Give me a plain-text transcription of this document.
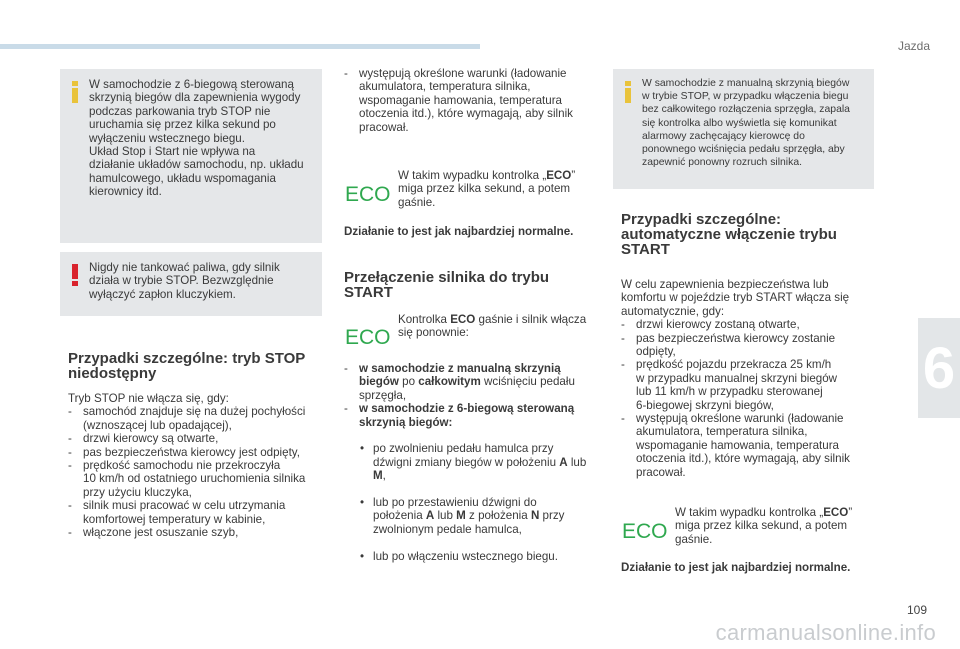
Jazda
6
109
carmanualsonline.info

W samochodzie z 6-biegową sterowaną
skrzynią biegów dla zapewnienia wygody
podczas parkowania tryb STOP nie
uruchamia się przez kilka sekund po
wyłączeniu wstecznego biegu.
Układ Stop i Start nie wpływa na
działanie układów samochodu, np. układu
hamulcowego, układu wspomagania
kierownicy itd.

Nigdy nie tankować paliwa, gdy silnik
działa w trybie STOP. Bezwzględnie
wyłączyć zapłon kluczykiem.

Przypadki szczególne: tryb STOP
niedostępny

Tryb STOP nie włącza się, gdy:

- samochód znajduje się na dużej pochyłości
(wznoszącej lub opadającej),
- drzwi kierowcy są otwarte,
- pas bezpieczeństwa kierowcy jest odpięty,
- prędkość samochodu nie przekroczyła
10 km/h od ostatniego uruchomienia silnika
przy użyciu kluczyka,
- silnik musi pracować w celu utrzymania
komfortowej temperatury w kabinie,
- włączone jest osuszanie szyb,
- występują określone warunki (ładowanie
akumulatora, temperatura silnika,
wspomaganie hamowania, temperatura
otoczenia itd.), które wymagają, aby silnik
pracował.
ECO

W takim wypadku kontrolka „ECO”
miga przez kilka sekund, a potem
gaśnie.

Działanie to jest jak najbardziej normalne.
Przełączenie silnika do trybu
START
ECO

Kontrolka ECO gaśnie i silnik włącza
się ponownie:

- w samochodzie z manualną skrzynią
biegów po całkowitym wciśnięciu pedału
sprzęgła,
- w samochodzie z 6-biegową sterowaną
skrzynią biegów:

• po zwolnieniu pedału hamulca przy
dźwigni zmiany biegów w położeniu A lub
M,

• lub po przestawieniu dźwigni do
położenia A lub M z położenia N przy
zwolnionym pedale hamulca,

• lub po włączeniu wstecznego biegu.

W samochodzie z manualną skrzynią biegów
w trybie STOP, w przypadku włączenia biegu
bez całkowitego rozłączenia sprzęgła, zapala
się kontrolka albo wyświetla się komunikat
alarmowy zachęcający kierowcę do
ponownego wciśnięcia pedału sprzęgła, aby
zapewnić ponowny rozruch silnika.

Przypadki szczególne:
automatyczne włączenie trybu
START

W celu zapewnienia bezpieczeństwa lub
komfortu w pojeździe tryb START włącza się
automatycznie, gdy:

- drzwi kierowcy zostaną otwarte,
- pas bezpieczeństwa kierowcy zostanie
odpięty,
- prędkość pojazdu przekracza 25 km/h
w przypadku manualnej skrzyni biegów
lub 11 km/h w przypadku sterowanej
6-biegowej skrzyni biegów,
- występują określone warunki (ładowanie
akumulatora, temperatura silnika,
wspomaganie hamowania, temperatura
otoczenia itd.), które wymagają, aby silnik
pracował.
ECO

W takim wypadku kontrolka „ECO”
miga przez kilka sekund, a potem
gaśnie.

Działanie to jest jak najbardziej normalne.
